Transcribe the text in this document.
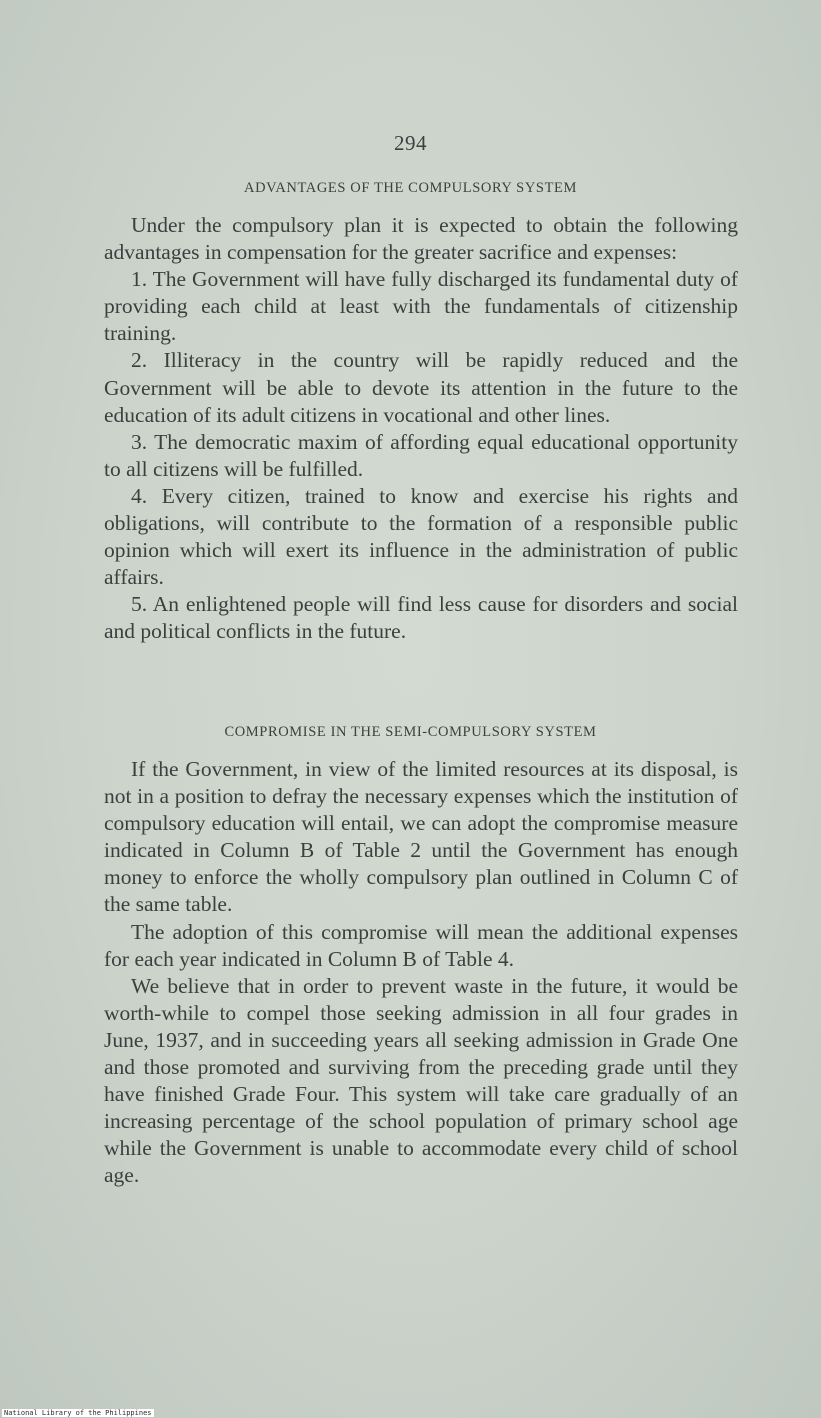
294
ADVANTAGES OF THE COMPULSORY SYSTEM

Under the compulsory plan it is expected to obtain the following advantages in compensation for the greater sacrifice and expenses:

1. The Government will have fully discharged its fundamental duty of providing each child at least with the fundamentals of citizenship training.

2. Illiteracy in the country will be rapidly reduced and the Government will be able to devote its attention in the future to the education of its adult citizens in vocational and other lines.

3. The democratic maxim of affording equal educational opportunity to all citizens will be fulfilled.

4. Every citizen, trained to know and exercise his rights and obligations, will contribute to the formation of a responsible public opinion which will exert its influence in the administration of public affairs.

5. An enlightened people will find less cause for disorders and social and political conflicts in the future.

COMPROMISE IN THE SEMI-COMPULSORY SYSTEM

If the Government, in view of the limited resources at its disposal, is not in a position to defray the necessary expenses which the institution of compulsory education will entail, we can adopt the compromise measure indicated in Column B of Table 2 until the Government has enough money to enforce the wholly compulsory plan outlined in Column C of the same table.

The adoption of this compromise will mean the additional expenses for each year indicated in Column B of Table 4.

We believe that in order to prevent waste in the future, it would be worth-while to compel those seeking admission in all four grades in June, 1937, and in succeeding years all seeking admission in Grade One and those promoted and surviving from the preceding grade until they have finished Grade Four. This system will take care gradually of an increasing percentage of the school population of primary school age while the Government is unable to accommodate every child of school age.

National Library of the Philippines
